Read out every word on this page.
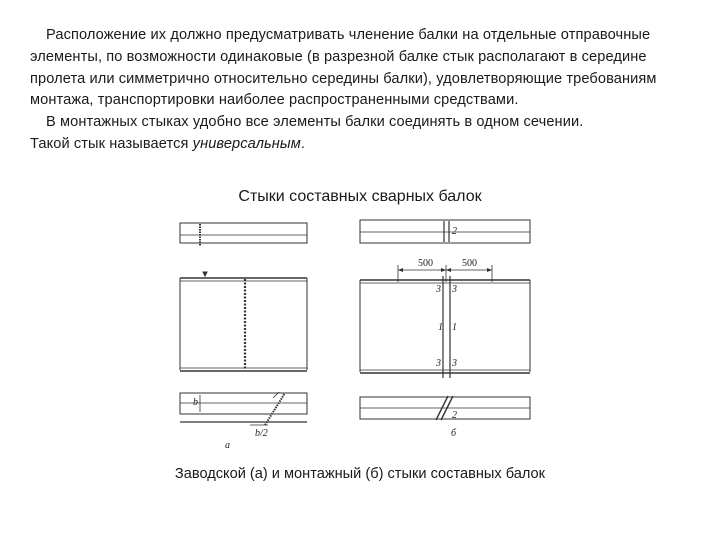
Расположение их должно предусматривать членение балки на отдельные отправочные элементы, по возможности одинаковые (в разрезной балке стык располагают в середине пролета или симметрично относительно середины балки), удовлетворяющие требованиям монтажа, транспортировки наиболее распространенными средствами.

В монтажных стыках удобно все элементы балки соединять в одном сечении.

Такой стык называется универсальным.

Стыки составных сварных балок
b
b/2
а
500	500
3 3
1 1
3 3
2
2
б
Заводской (а) и монтажный (б) стыки составных балок
